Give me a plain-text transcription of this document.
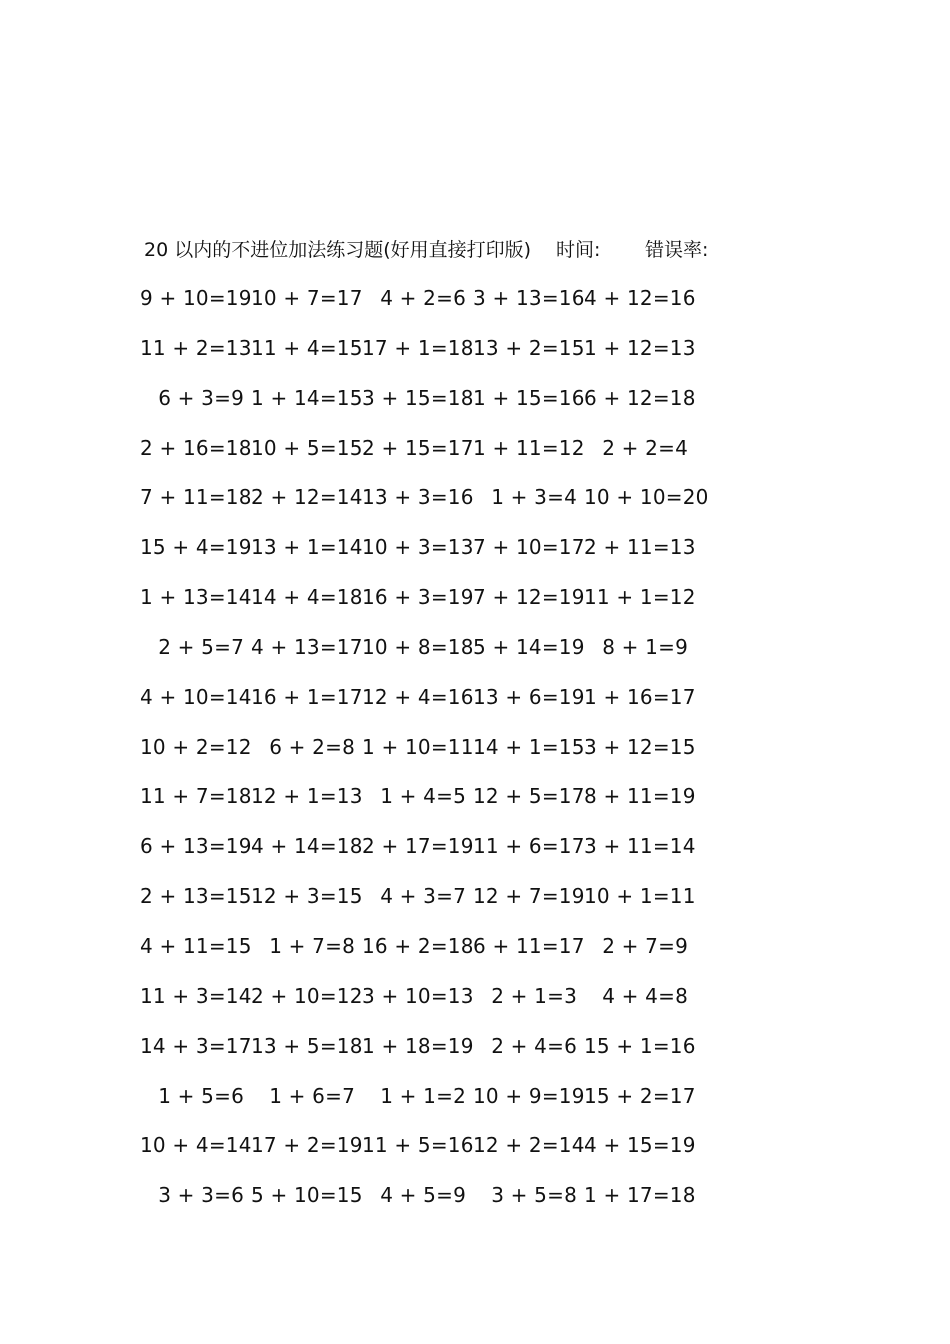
20 以内的不进位加法练习题(好用直接打印版) 时间: 错误率:
9 + 10=19 10 + 7=17 4 + 2=6 3 + 13=16 4 + 12=16
11 + 2=13 11 + 4=15 17 + 1=18 13 + 2=15 1 + 12=13
6 + 3=9 1 + 14=15 3 + 15=18 1 + 15=16 6 + 12=18
2 + 16=18 10 + 5=15 2 + 15=17 1 + 11=12 2 + 2=4
7 + 11=18 2 + 12=14 13 + 3=16 1 + 3=4 10 + 10=20
15 + 4=19 13 + 1=14 10 + 3=13 7 + 10=17 2 + 11=13
1 + 13=14 14 + 4=18 16 + 3=19 7 + 12=19 11 + 1=12
2 + 5=7 4 + 13=17 10 + 8=18 5 + 14=19 8 + 1=9
4 + 10=14 16 + 1=17 12 + 4=16 13 + 6=19 1 + 16=17
10 + 2=12 6 + 2=8 1 + 10=11 14 + 1=15 3 + 12=15
11 + 7=18 12 + 1=13 1 + 4=5 12 + 5=17 8 + 11=19
6 + 13=19 4 + 14=18 2 + 17=19 11 + 6=17 3 + 11=14
2 + 13=15 12 + 3=15 4 + 3=7 12 + 7=19 10 + 1=11
4 + 11=15 1 + 7=8 16 + 2=18 6 + 11=17 2 + 7=9
11 + 3=14 2 + 10=12 3 + 10=13 2 + 1=3	4 + 4=8
14 + 3=17 13 + 5=18 1 + 18=19 2 + 4=6 15 + 1=16
1 + 5=6	1 + 6=7	1 + 1=2 10 + 9=19 15 + 2=17
10 + 4=14 17 + 2=19 11 + 5=16 12 + 2=14 4 + 15=19
3 + 3=6 5 + 10=15 4 + 5=9	3 + 5=8 1 + 17=18
